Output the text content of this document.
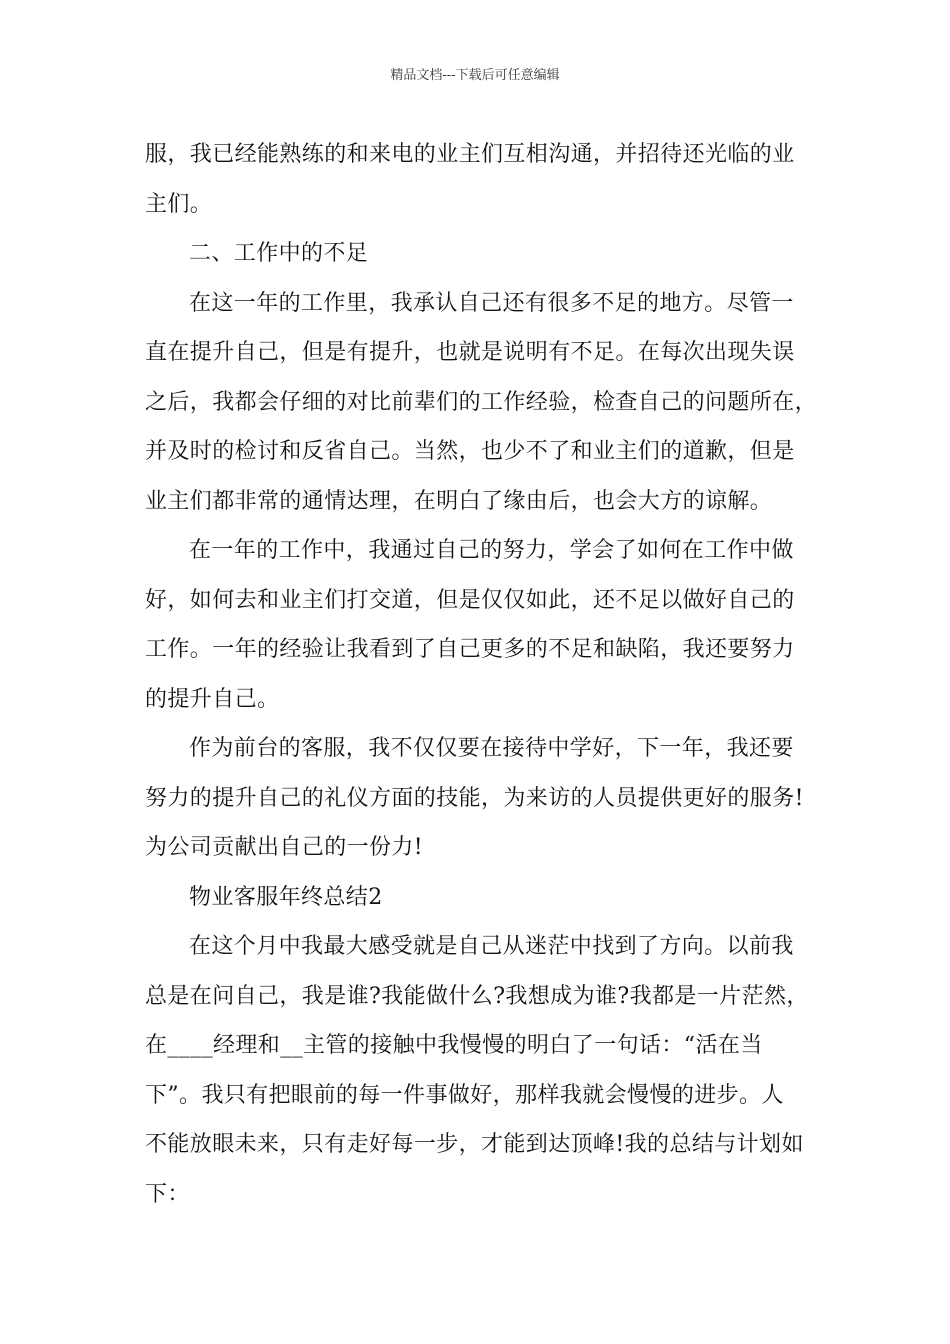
精品文档---下载后可任意编辑
服，我已经能熟练的和来电的业主们互相沟通，并招待还光临的业
主们。
二、工作中的不足
在这一年的工作里，我承认自己还有很多不足的地方。尽管一
直在提升自己，但是有提升，也就是说明有不足。在每次出现失误
之后，我都会仔细的对比前辈们的工作经验，检查自己的问题所在，
并及时的检讨和反省自己。当然，也少不了和业主们的道歉，但是
业主们都非常的通情达理，在明白了缘由后，也会大方的谅解。
在一年的工作中，我通过自己的努力，学会了如何在工作中做
好，如何去和业主们打交道，但是仅仅如此，还不足以做好自己的
工作。一年的经验让我看到了自己更多的不足和缺陷，我还要努力
的提升自己。
作为前台的客服，我不仅仅要在接待中学好，下一年，我还要
努力的提升自己的礼仪方面的技能，为来访的人员提供更好的服务!
为公司贡献出自己的一份力!
物业客服年终总结2
在这个月中我最大感受就是自己从迷茫中找到了方向。以前我
总是在问自己，我是谁?我能做什么?我想成为谁?我都是一片茫然，
在____经理和__主管的接触中我慢慢的明白了一句话：“活在当
下”。我只有把眼前的每一件事做好，那样我就会慢慢的进步。人
不能放眼未来，只有走好每一步，才能到达顶峰!我的总结与计划如
下：
